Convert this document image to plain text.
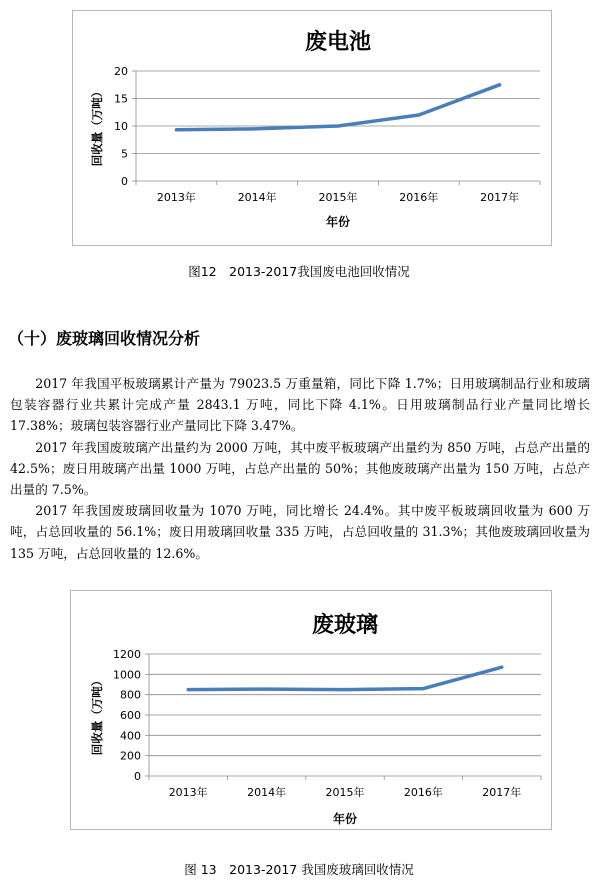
废电池
0
5
10
15
20
2013年	2014年	2015年	2016年	2017年
年份
回收量（万吨）
图12　2013-2017我国废电池回收情况
（十）废玻璃回收情况分析

2017 年我国平板玻璃累计产量为 79023.5 万重量箱，同比下降 1.7%；日用玻璃制品行业和玻璃包装容器行业共累计完成产量 2843.1 万吨，同比下降 4.1%。日用玻璃制品行业产量同比增长 17.38%；玻璃包装容器行业产量同比下降 3.47%。

2017 年我国废玻璃产出量约为 2000 万吨，其中废平板玻璃产出量约为 850 万吨，占总产出量的 42.5%；废日用玻璃产出量 1000 万吨，占总产出量的 50%；其他废玻璃产出量为 150 万吨，占总产出量的 7.5%。

2017 年我国废玻璃回收量为 1070 万吨，同比增长 24.4%。其中废平板玻璃回收量为 600 万吨，占总回收量的 56.1%；废日用玻璃回收量 335 万吨，占总回收量的 31.3%；其他废玻璃回收量为 135 万吨，占总回收量的 12.6%。

废玻璃
0
200
400
600
800
1000
1200
2013年	2014年	2015年	2016年	2017年
年份
回收量（万吨）
图 13　2013-2017 我国废玻璃回收情况
